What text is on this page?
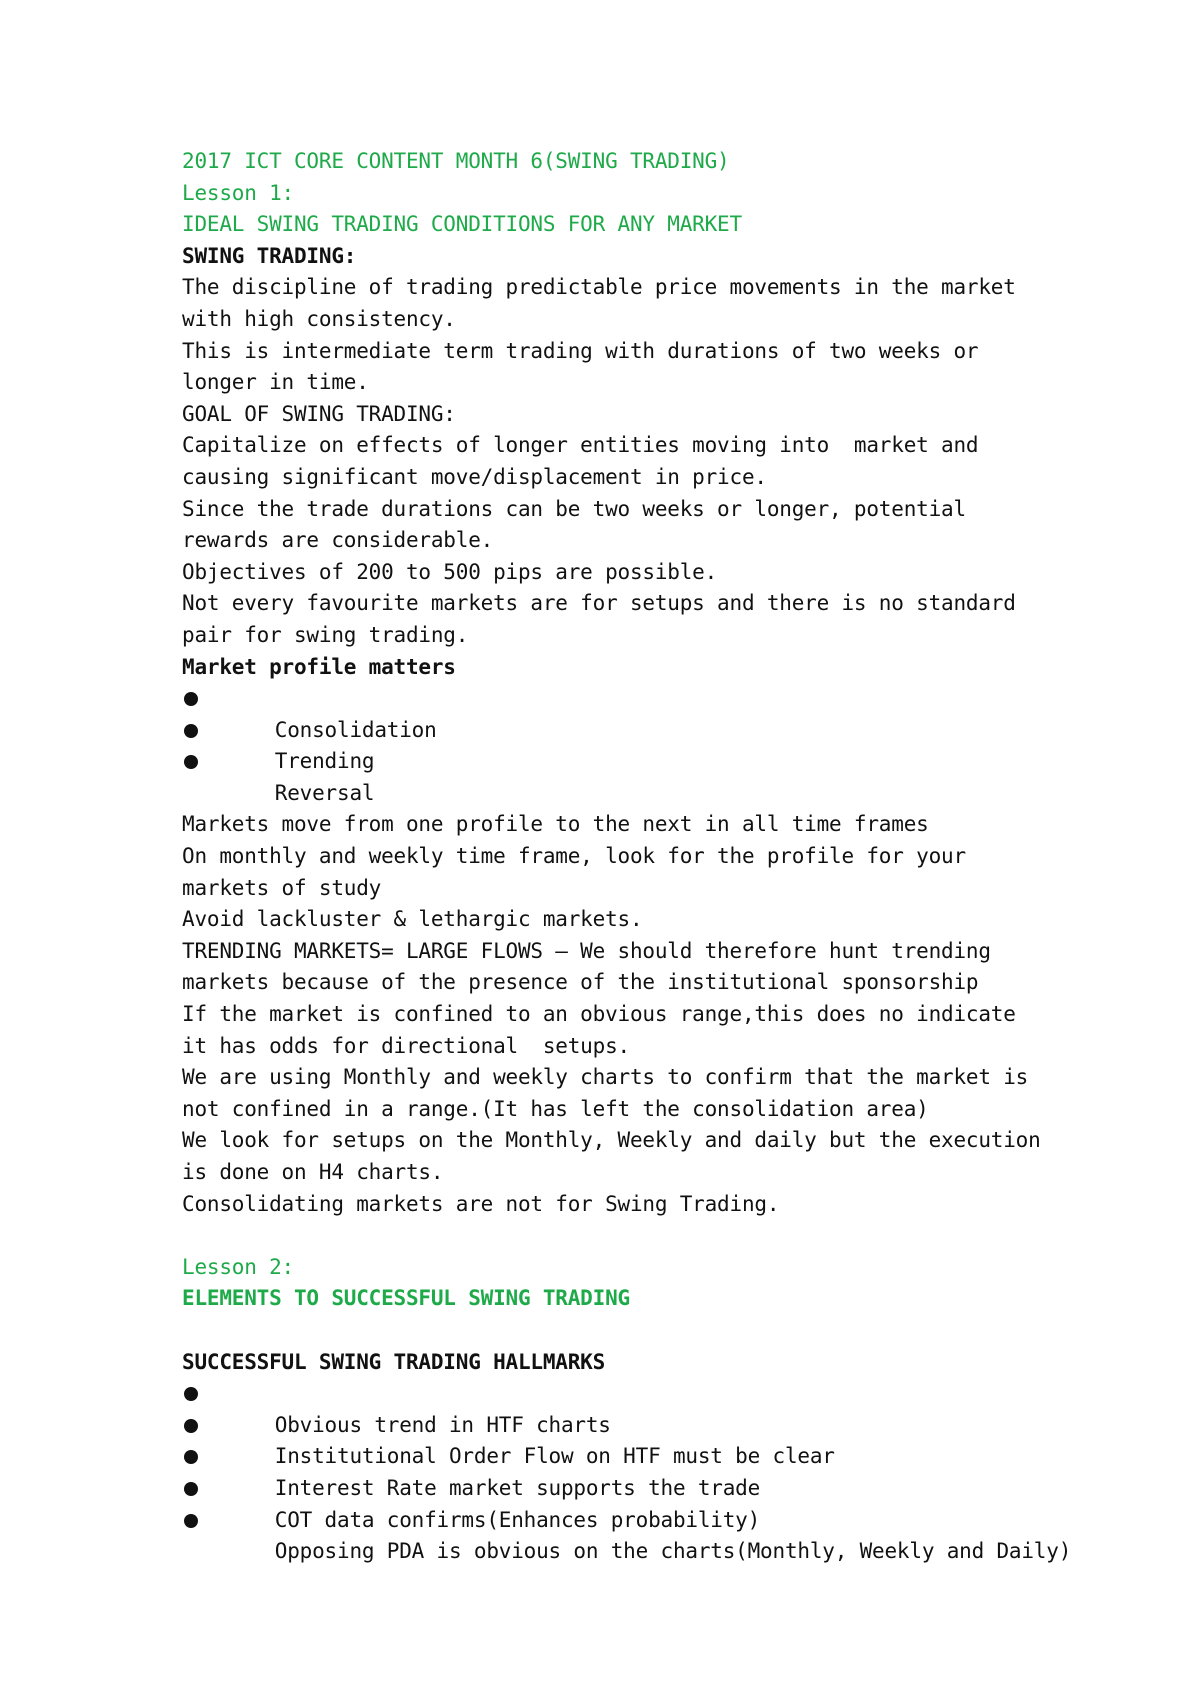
2017 ICT CORE CONTENT MONTH 6(SWING TRADING)
Lesson 1:
IDEAL SWING TRADING CONDITIONS FOR ANY MARKET
SWING TRADING:
The discipline of trading predictable price movements in the market
with high consistency.
This is intermediate term trading with durations of two weeks or
longer in time.
GOAL OF SWING TRADING:
Capitalize on effects of longer entities moving into  market and
causing significant move/displacement in price.
Since the trade durations can be two weeks or longer, potential
rewards are considerable.
Objectives of 200 to 500 pips are possible.
Not every favourite markets are for setups and there is no standard
pair for swing trading.
Market profile matters

Consolidation

Trending

Reversal

Markets move from one profile to the next in all time frames
On monthly and weekly time frame, look for the profile for your
markets of study
Avoid lackluster & lethargic markets.
TRENDING MARKETS= LARGE FLOWS – We should therefore hunt trending
markets because of the presence of the institutional sponsorship
If the market is confined to an obvious range,this does no indicate
it has odds for directional  setups.
We are using Monthly and weekly charts to confirm that the market is
not confined in a range.(It has left the consolidation area)
We look for setups on the Monthly, Weekly and daily but the execution
is done on H4 charts.
Consolidating markets are not for Swing Trading.
Lesson 2:
ELEMENTS TO SUCCESSFUL SWING TRADING
SUCCESSFUL SWING TRADING HALLMARKS

Obvious trend in HTF charts

Institutional Order Flow on HTF must be clear

Interest Rate market supports the trade

COT data confirms(Enhances probability)

Opposing PDA is obvious on the charts(Monthly, Weekly and Daily)
